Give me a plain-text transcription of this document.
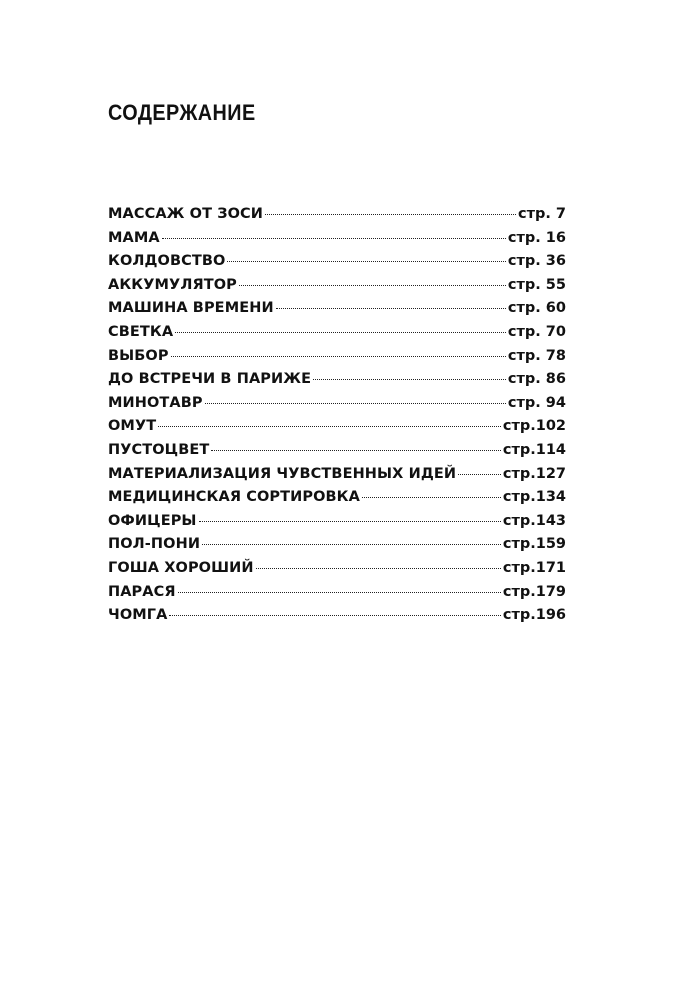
СОДЕРЖАНИЕ
МАССАЖ ОТ ЗОСИ	стр. 7
МАМА	стр. 16
КОЛДОВСТВО	стр. 36
АККУМУЛЯТОР	стр. 55
МАШИНА ВРЕМЕНИ	стр. 60
СВЕТКА	стр. 70
ВЫБОР	стр. 78
ДО ВСТРЕЧИ В ПАРИЖЕ	стр. 86
МИНОТАВР	стр. 94
ОМУТ	стр.102
ПУСТОЦВЕТ	стр.114
МАТЕРИАЛИЗАЦИЯ ЧУВСТВЕННЫХ ИДЕЙ	стр.127
МЕДИЦИНСКАЯ СОРТИРОВКА	стр.134
ОФИЦЕРЫ	стр.143
ПОЛ-ПОНИ	стр.159
ГОША ХОРОШИЙ	стр.171
ПАРАСЯ	стр.179
ЧОМГА	стр.196
